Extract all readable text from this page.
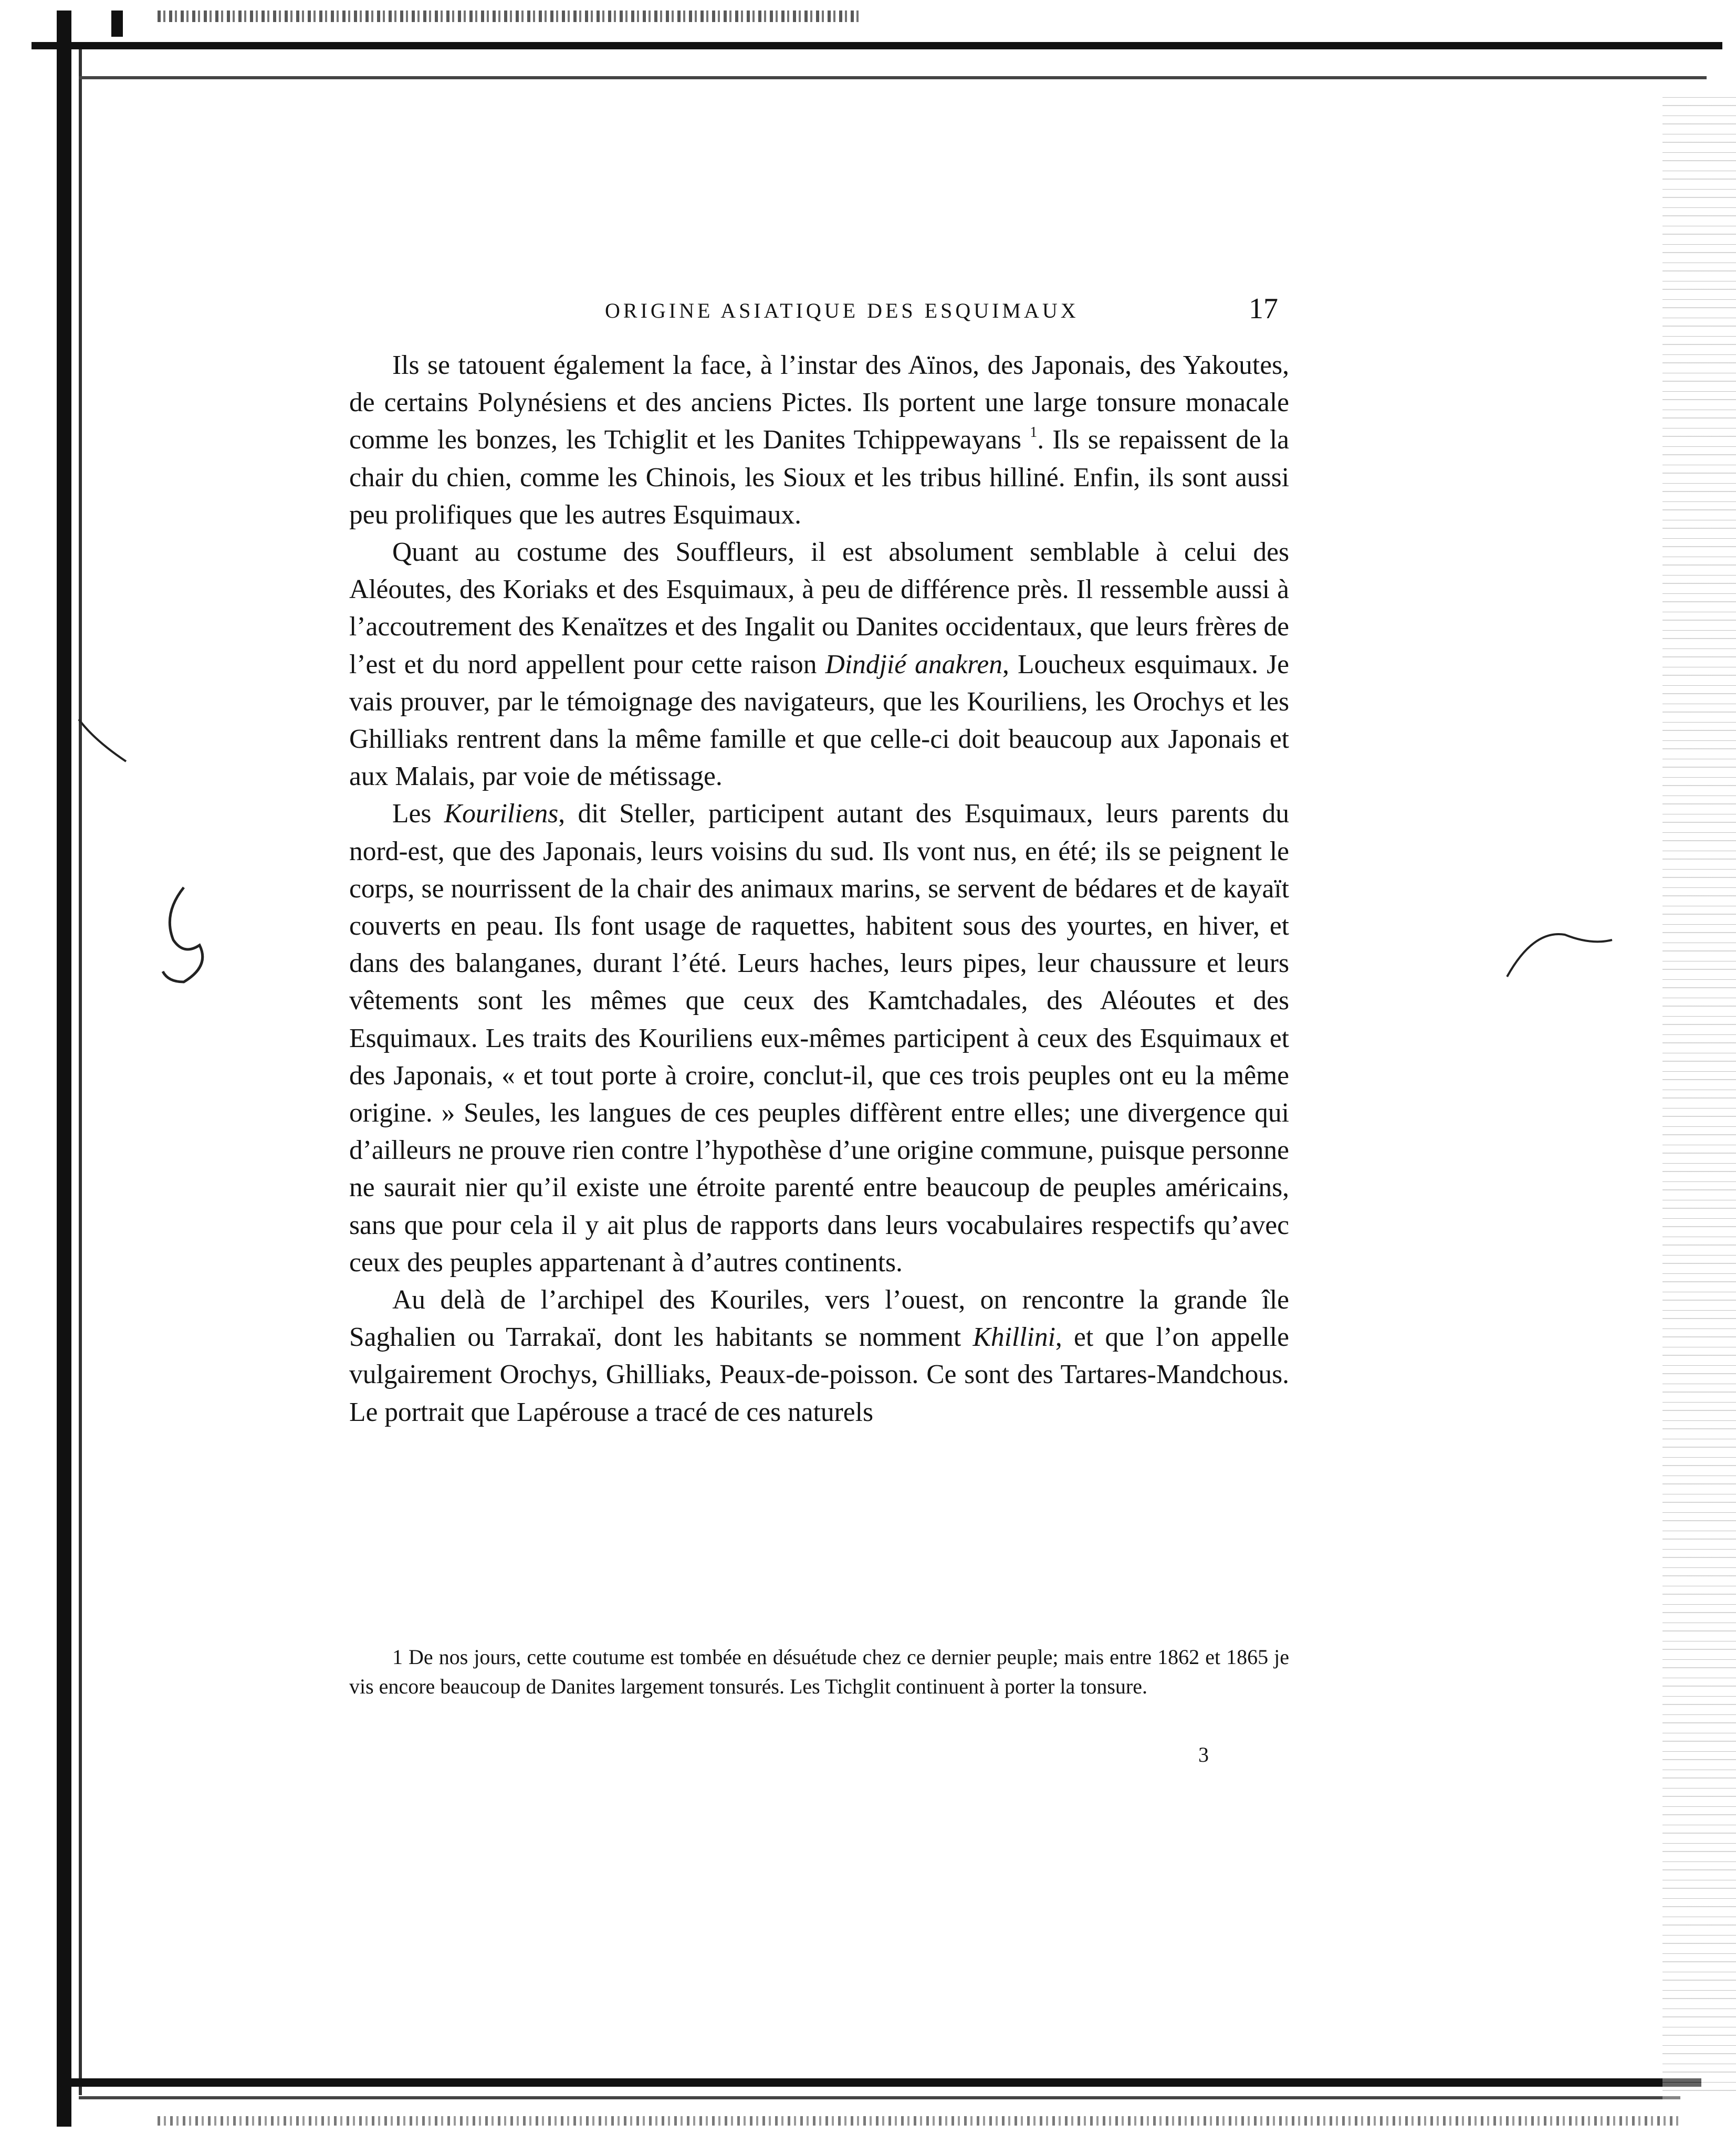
ORIGINE ASIATIQUE DES ESQUIMAUX	17

Ils se tatouent également la face, à l’instar des Aïnos, des Japonais, des Yakoutes, de certains Polynésiens et des anciens Pictes. Ils portent une large tonsure monacale comme les bonzes, les Tchiglit et les Danites Tchippewayans $^1$. Ils se repaissent de la chair du chien, comme les Chinois, les Sioux et les tribus hilliné. Enfin, ils sont aussi peu prolifiques que les autres Esquimaux.

Quant au costume des Souffleurs, il est absolument semblable à celui des Aléoutes, des Koriaks et des Esquimaux, à peu de différence près. Il ressemble aussi à l’accoutrement des Kenaïtzes et des Ingalit ou Danites occidentaux, que leurs frères de l’est et du nord appellent pour cette raison Dindjié anakren, Loucheux esquimaux. Je vais prouver, par le témoignage des navigateurs, que les Kouriliens, les Orochys et les Ghilliaks rentrent dans la même famille et que celle-ci doit beaucoup aux Japonais et aux Malais, par voie de métissage.

Les Kouriliens, dit Steller, participent autant des Esquimaux, leurs parents du nord-est, que des Japonais, leurs voisins du sud. Ils vont nus, en été; ils se peignent le corps, se nourrissent de la chair des animaux marins, se servent de bédares et de kayaït couverts en peau. Ils font usage de raquettes, habitent sous des yourtes, en hiver, et dans des balanganes, durant l’été. Leurs haches, leurs pipes, leur chaussure et leurs vêtements sont les mêmes que ceux des Kamtchadales, des Aléoutes et des Esquimaux. Les traits des Kouriliens eux-mêmes participent à ceux des Esquimaux et des Japonais, « et tout porte à croire, conclut-il, que ces trois peuples ont eu la même origine. » Seules, les langues de ces peuples diffèrent entre elles; une divergence qui d’ailleurs ne prouve rien contre l’hypothèse d’une origine commune, puisque personne ne saurait nier qu’il existe une étroite parenté entre beaucoup de peuples américains, sans que pour cela il y ait plus de rapports dans leurs vocabulaires respectifs qu’avec ceux des peuples appartenant à d’autres continents.

Au delà de l’archipel des Kouriles, vers l’ouest, on rencontre la grande île Saghalien ou Tarrakaï, dont les habitants se nomment Khillini, et que l’on appelle vulgairement Orochys, Ghilliaks, Peaux-de-poisson. Ce sont des Tartares-Mandchous. Le portrait que Lapérouse a tracé de ces naturels

1 De nos jours, cette coutume est tombée en désuétude chez ce dernier peuple; mais entre 1862 et 1865 je vis encore beaucoup de Danites largement tonsurés. Les Tichglit continuent à porter la tonsure.

3
